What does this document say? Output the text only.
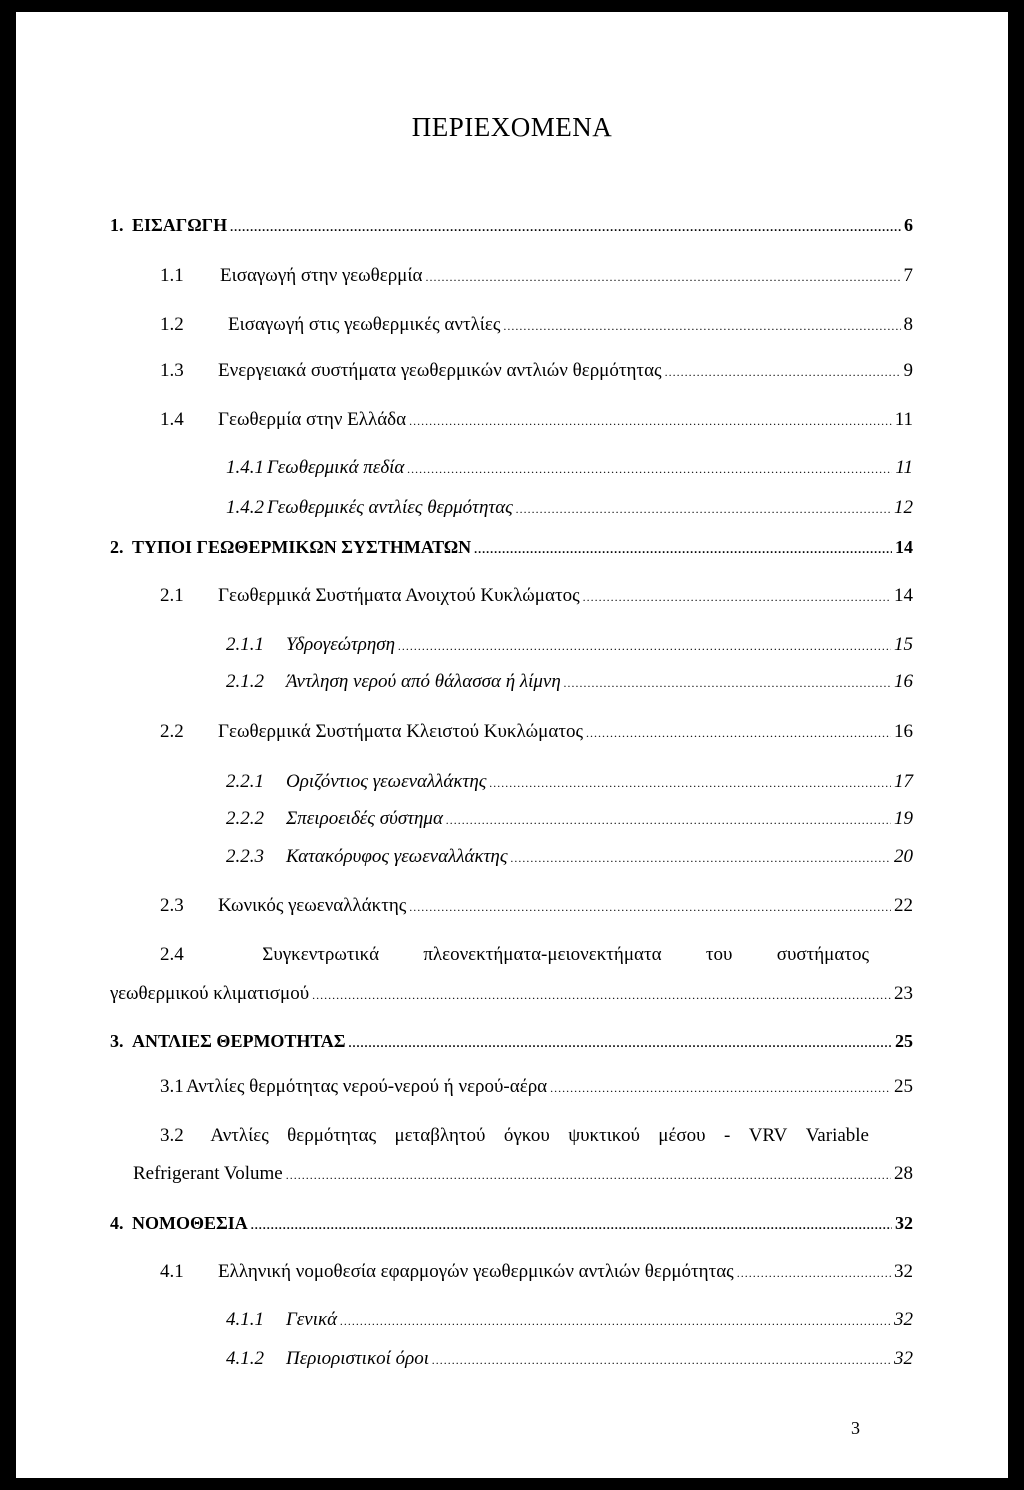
ΠΕΡΙΕΧΟΜΕΝΑ
1. ΕΙΣΑΓΩΓΗ .....	6
1.1	Εισαγωγή στην γεωθερμία .....	7
1.2	Εισαγωγή στις γεωθερμικές αντλίες .....	8
1.3	Ενεργειακά συστήματα γεωθερμικών αντλιών θερμότητας .....	9
1.4	Γεωθερμία στην Ελλάδα .....	11
1.4.1 Γεωθερμικά πεδία .....	11
1.4.2 Γεωθερμικές αντλίες θερμότητας .....	12
2. ΤΥΠΟΙ ΓΕΩΘΕΡΜΙΚΩΝ ΣΥΣΤΗΜΑΤΩΝ .....	14
2.1	Γεωθερμικά Συστήματα Ανοιχτού Κυκλώματος .....	14
2.1.1	Υδρογεώτρηση .....	15
2.1.2	Άντληση νερού από θάλασσα ή λίμνη .....	16
2.2	Γεωθερμικά Συστήματα Κλειστού Κυκλώματος .....	16
2.2.1	Οριζόντιος γεωεναλλάκτης .....	17
2.2.2	Σπειροειδές σύστημα .....	19
2.2.3	Κατακόρυφος γεωεναλλάκτης .....	20
2.3	Κωνικός γεωεναλλάκτης .....	22
2.4	Συγκεντρωτικά πλεονεκτήματα-μειονεκτήματα του συστήματος
γεωθερμικού κλιματισμού .....	23
3. ΑΝΤΛΙΕΣ ΘΕΡΜΟΤΗΤΑΣ .....	25
3.1 Αντλίες θερμότητας νερού-νερού ή νερού-αέρα .....	25
3.2	Αντλίες θερμότητας μεταβλητού όγκου ψυκτικού μέσου - VRV Variable
Refrigerant Volume .....	28
4. ΝΟΜΟΘΕΣΙΑ .....	32
4.1	Ελληνική νομοθεσία εφαρμογών γεωθερμικών αντλιών θερμότητας .....	32
4.1.1	Γενικά .....	32
4.1.2	Περιοριστικοί όροι .....	32
3
